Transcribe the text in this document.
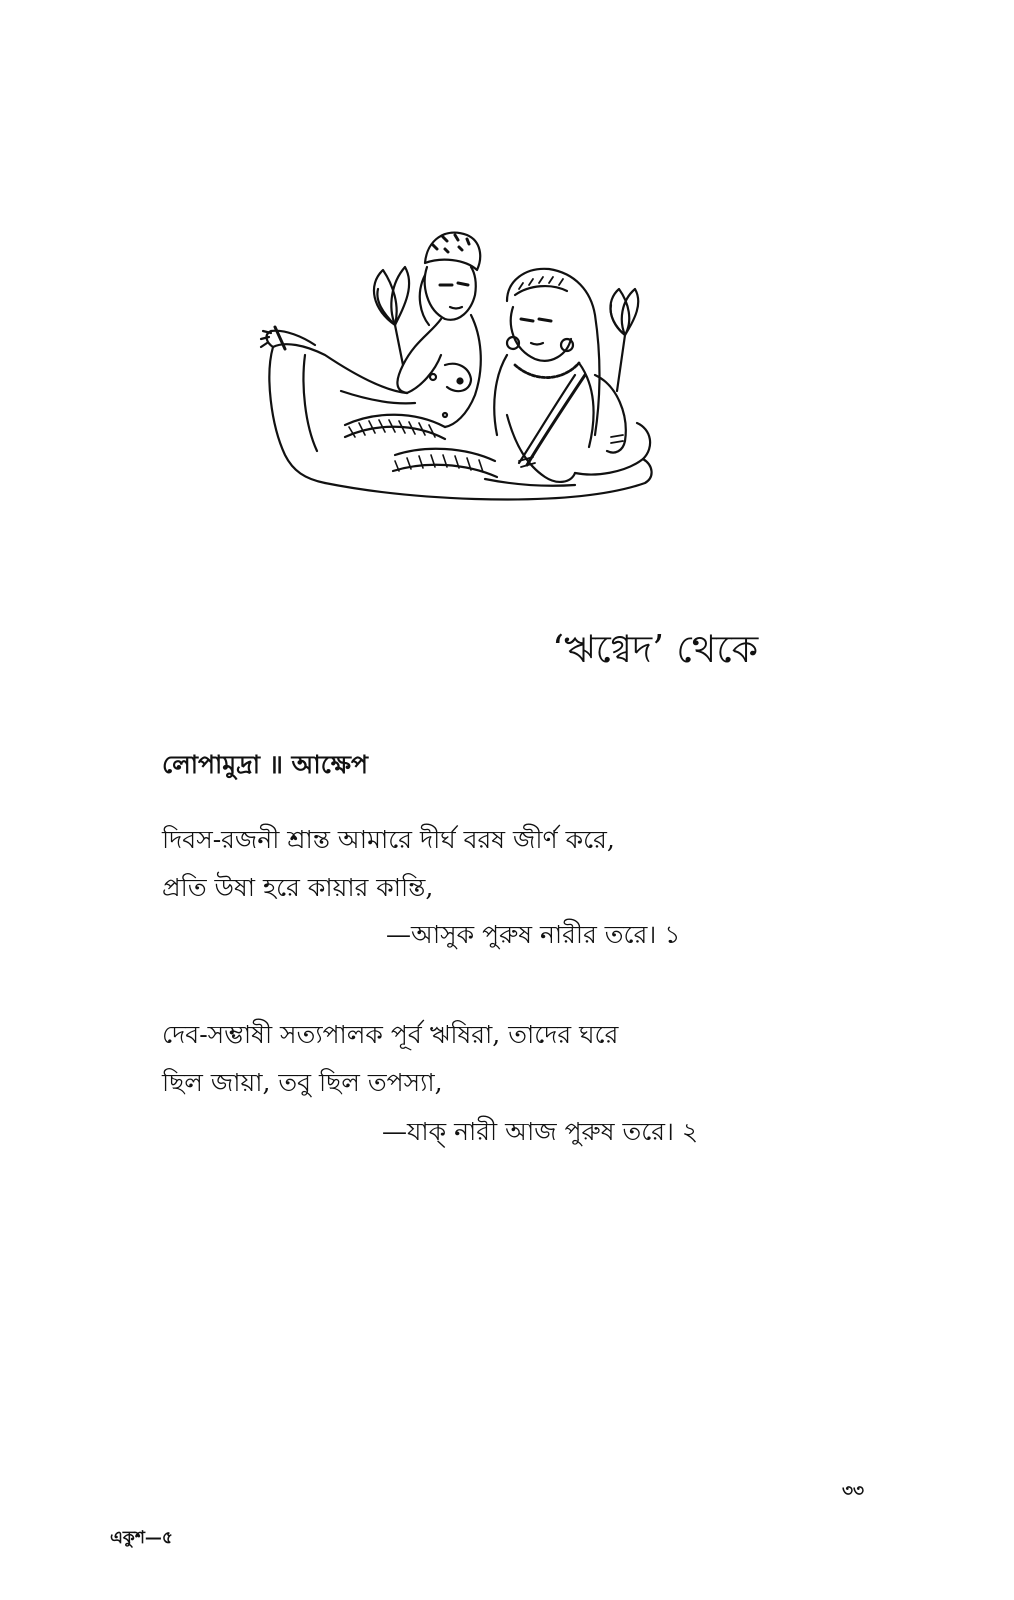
‘ঋগ্বেদ’ থেকে
লোপামুদ্রা ॥ আক্ষেপ
দিবস-রজনী শ্রান্ত আমারে দীর্ঘ বরষ জীর্ণ করে,
প্রতি উষা হরে কায়ার কান্তি,
—আসুক পুরুষ নারীর তরে। ১
দেব-সম্ভাষী সত্যপালক পূর্ব ঋষিরা, তাদের ঘরে
ছিল জায়া, তবু ছিল তপস্যা,
—যাক্ নারী আজ পুরুষ তরে। ২
৩৩
একুশ—৫
